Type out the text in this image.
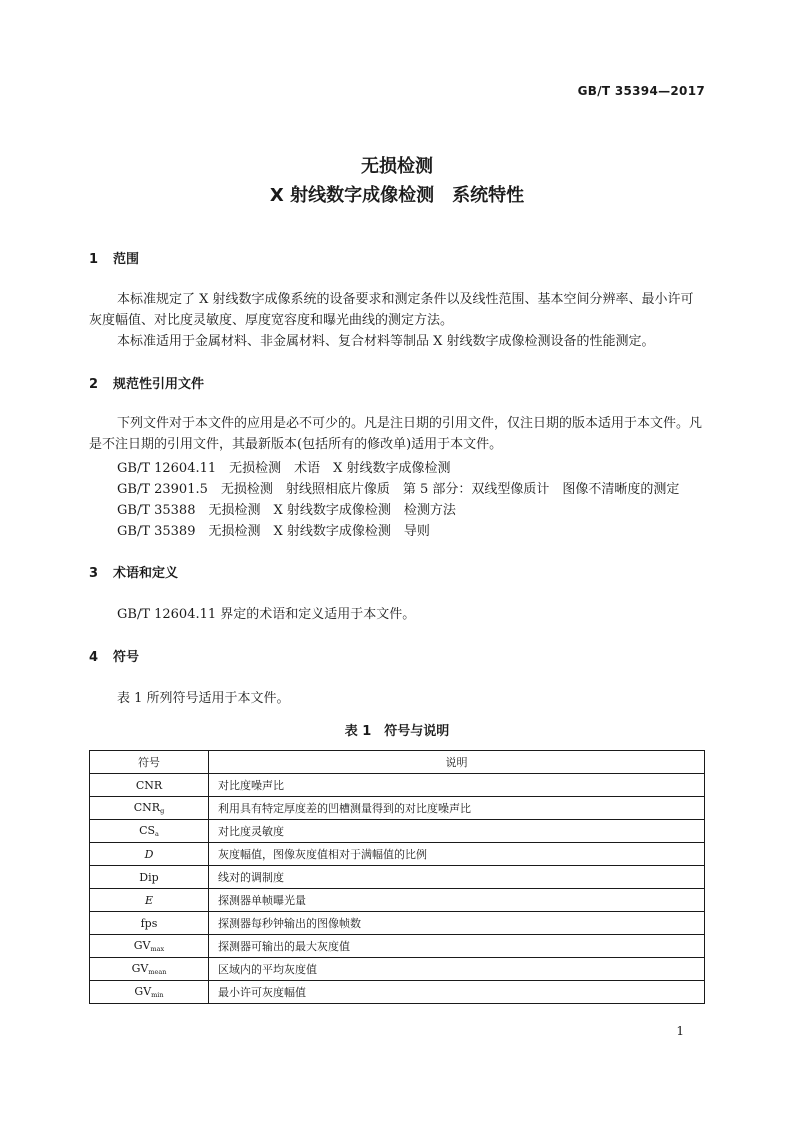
GB/T 35394—2017
无损检测
X 射线数字成像检测 系统特性
1 范围

本标准规定了 X 射线数字成像系统的设备要求和测定条件以及线性范围、基本空间分辨率、最小许可灰度幅值、对比度灵敏度、厚度宽容度和曝光曲线的测定方法。

本标准适用于金属材料、非金属材料、复合材料等制品 X 射线数字成像检测设备的性能测定。

2 规范性引用文件

下列文件对于本文件的应用是必不可少的。凡是注日期的引用文件，仅注日期的版本适用于本文件。凡是不注日期的引用文件，其最新版本(包括所有的修改单)适用于本文件。

GB/T 12604.11　无损检测　术语　X 射线数字成像检测
GB/T 23901.5　无损检测　射线照相底片像质　第 5 部分：双线型像质计　图像不清晰度的测定
GB/T 35388　无损检测　X 射线数字成像检测　检测方法
GB/T 35389　无损检测　X 射线数字成像检测　导则
3 术语和定义
GB/T 12604.11 界定的术语和定义适用于本文件。
4 符号
表 1 所列符号适用于本文件。
表 1　符号与说明
符号	说明
CNR	对比度噪声比
$CNR_g$	利用具有特定厚度差的凹槽测量得到的对比度噪声比
$CS_a$	对比度灵敏度
D	灰度幅值，图像灰度值相对于满幅值的比例
Dip	线对的调制度
E	探测器单帧曝光量
fps	探测器每秒钟输出的图像帧数
$GV_{max}$	探测器可输出的最大灰度值
$GV_{mean}$	区域内的平均灰度值
$GV_{min}$	最小许可灰度幅值
1
